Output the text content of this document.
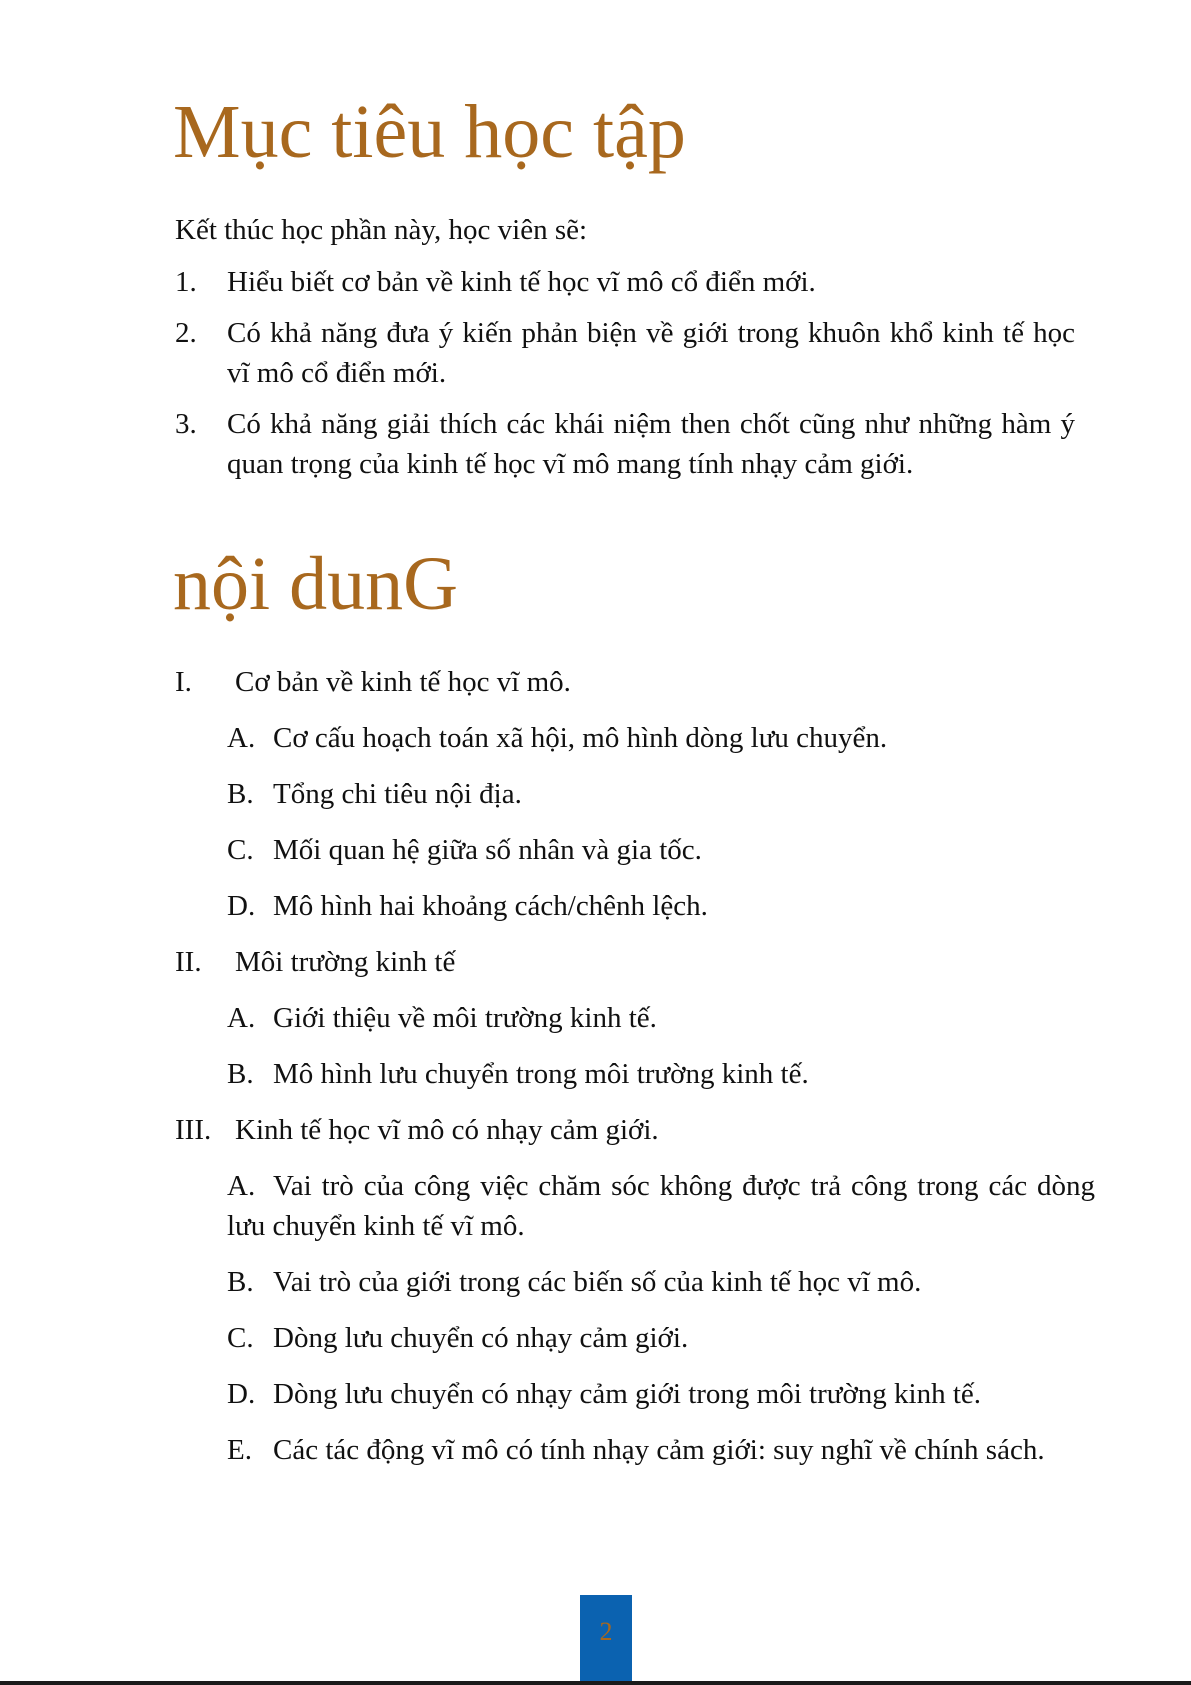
Mục tiêu học tập

Kết thúc học phần này, học viên sẽ:

1. Hiểu biết cơ bản về kinh tế học vĩ mô cổ điển mới.
2. Có khả năng đưa ý kiến phản biện về giới trong khuôn khổ kinh tế học vĩ mô cổ điển mới.
3. Có khả năng giải thích các khái niệm then chốt cũng như những hàm ý quan trọng của kinh tế học vĩ mô mang tính nhạy cảm giới.
nội dunG
I. Cơ bản về kinh tế học vĩ mô.
A. Cơ cấu hoạch toán xã hội, mô hình dòng lưu chuyển.
B. Tổng chi tiêu nội địa.
C. Mối quan hệ giữa số nhân và gia tốc.
D. Mô hình hai khoảng cách/chênh lệch.
II. Môi trường kinh tế
A. Giới thiệu về môi trường kinh tế.
B. Mô hình lưu chuyển trong môi trường kinh tế.
III. Kinh tế học vĩ mô có nhạy cảm giới.
A. Vai trò của công việc chăm sóc không được trả công trong các dòng lưu chuyển kinh tế vĩ mô.
B. Vai trò của giới trong các biến số của kinh tế học vĩ mô.
C. Dòng lưu chuyển có nhạy cảm giới.
D. Dòng lưu chuyển có nhạy cảm giới trong môi trường kinh tế.
E. Các tác động vĩ mô có tính nhạy cảm giới: suy nghĩ về chính sách.
2
